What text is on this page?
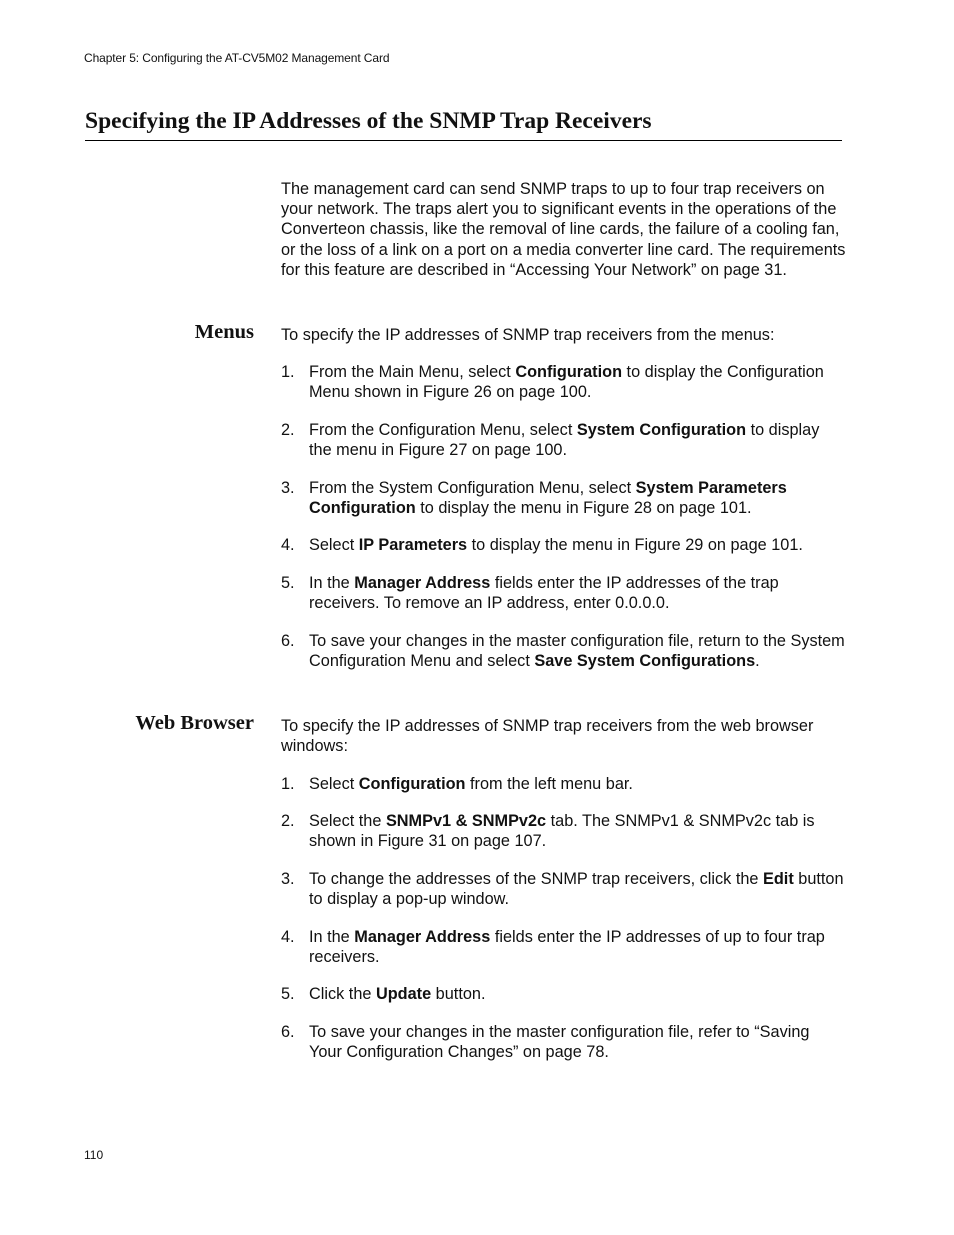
Chapter 5: Configuring the AT-CV5M02 Management Card
Specifying the IP Addresses of the SNMP Trap Receivers

The management card can send SNMP traps to up to four trap receivers on your network. The traps alert you to significant events in the operations of the Converteon chassis, like the removal of line cards, the failure of a cooling fan, or the loss of a link on a port on a media converter line card. The requirements for this feature are described in “Accessing Your Network” on page 31.

Menus To specify the IP addresses of SNMP trap receivers from the menus:

1. From the Main Menu, select Configuration to display the Configuration Menu shown in Figure 26 on page 100.
2. From the Configuration Menu, select System Configuration to display the menu in Figure 27 on page 100.
3. From the System Configuration Menu, select System Parameters Configuration to display the menu in Figure 28 on page 101.
4. Select IP Parameters to display the menu in Figure 29 on page 101.
5. In the Manager Address fields enter the IP addresses of the trap receivers. To remove an IP address, enter 0.0.0.0.
6. To save your changes in the master configuration file, return to the System Configuration Menu and select Save System Configurations.
Web Browser To specify the IP addresses of SNMP trap receivers from the web browser windows:

1. Select Configuration from the left menu bar.
2. Select the SNMPv1 & SNMPv2c tab. The SNMPv1 & SNMPv2c tab is shown in Figure 31 on page 107.
3. To change the addresses of the SNMP trap receivers, click the Edit button to display a pop-up window.
4. In the Manager Address fields enter the IP addresses of up to four trap receivers.
5. Click the Update button.
6. To save your changes in the master configuration file, refer to “Saving Your Configuration Changes” on page 78.
110
